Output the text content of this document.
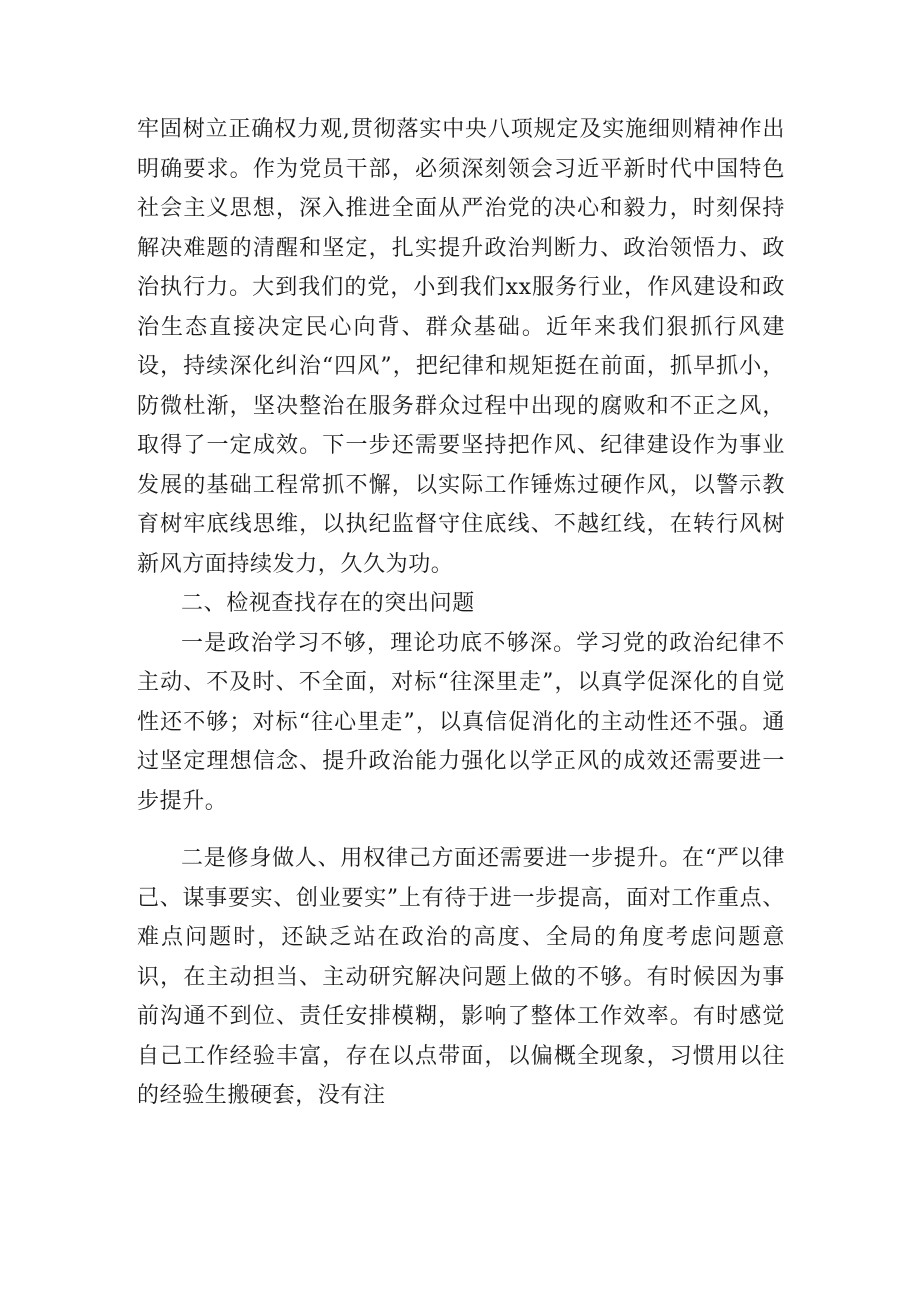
牢固树立正确权力观,贯彻落实中央八项规定及实施细则精神作出明确要求。作为党员干部，必须深刻领会习近平新时代中国特色社会主义思想，深入推进全面从严治党的决心和毅力，时刻保持解决难题的清醒和坚定，扎实提升政治判断力、政治领悟力、政治执行力。大到我们的党，小到我们xx服务行业，作风建设和政治生态直接决定民心向背、群众基础。近年来我们狠抓行风建设，持续深化纠治“四风”，把纪律和规矩挺在前面，抓早抓小，防微杜渐，坚决整治在服务群众过程中出现的腐败和不正之风，取得了一定成效。下一步还需要坚持把作风、纪律建设作为事业发展的基础工程常抓不懈，以实际工作锤炼过硬作风，以警示教育树牢底线思维，以执纪监督守住底线、不越红线，在转行风树新风方面持续发力，久久为功。

二、检视查找存在的突出问题

一是政治学习不够，理论功底不够深。学习党的政治纪律不主动、不及时、不全面，对标“往深里走”，以真学促深化的自觉性还不够；对标“往心里走”，以真信促消化的主动性还不强。通过坚定理想信念、提升政治能力强化以学正风的成效还需要进一步提升。

二是修身做人、用权律己方面还需要进一步提升。在“严以律己、谋事要实、创业要实”上有待于进一步提高，面对工作重点、难点问题时，还缺乏站在政治的高度、全局的角度考虑问题意识，在主动担当、主动研究解决问题上做的不够。有时候因为事前沟通不到位、责任安排模糊，影响了整体工作效率。有时感觉自己工作经验丰富，存在以点带面，以偏概全现象，习惯用以往的经验生搬硬套，没有注
